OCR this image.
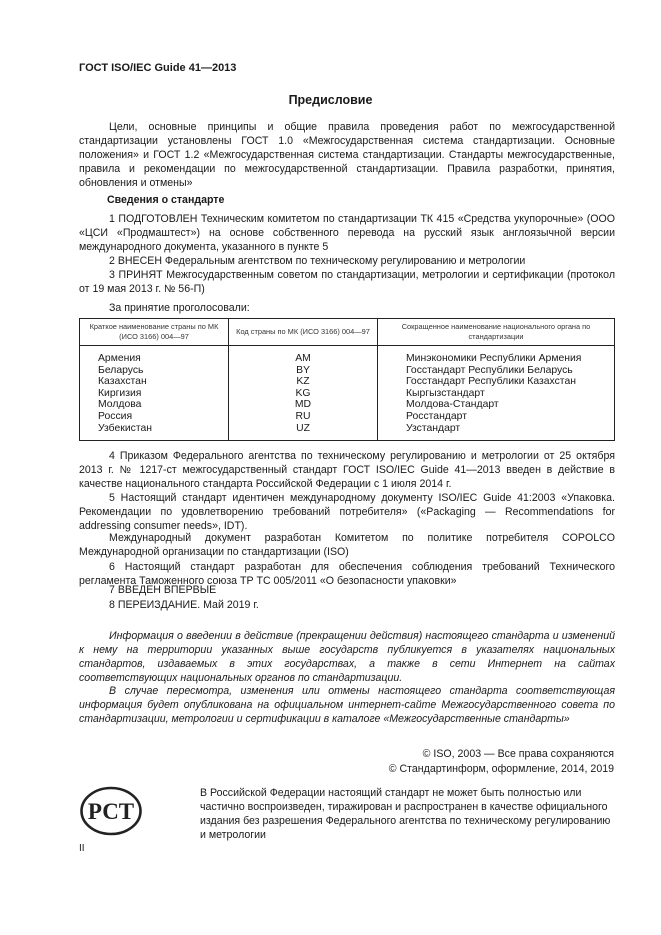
ГОСТ ISO/IEC Guide 41—2013
Предисловие

Цели, основные принципы и общие правила проведения работ по межгосударственной стандартизации установлены ГОСТ 1.0 «Межгосударственная система стандартизации. Основные положения» и ГОСТ 1.2 «Межгосударственная система стандартизации. Стандарты межгосударственные, правила и рекомендации по межгосударственной стандартизации. Правила разработки, принятия, обновления и отмены»

Сведения о стандарте

1 ПОДГОТОВЛЕН Техническим комитетом по стандартизации ТК 415 «Средства укупорочные» (ООО «ЦСИ «Продмаштест») на основе собственного перевода на русский язык англоязычной версии международного документа, указанного в пункте 5

2 ВНЕСЕН Федеральным агентством по техническому регулированию и метрологии

3 ПРИНЯТ Межгосударственным советом по стандартизации, метрологии и сертификации (протокол от 19 мая 2013 г. № 56-П)

За принятие проголосовали:

Краткое наименование страны по МК (ИСО 3166) 004—97	Код страны по МК (ИСО 3166) 004—97	Сокращенное наименование национального органа по стандартизации
Армения	AM	Минэкономики Республики Армения
Беларусь	BY	Госстандарт Республики Беларусь
Казахстан	KZ	Госстандарт Республики Казахстан
Киргизия	KG	Кыргызстандарт
Молдова	MD	Молдова-Стандарт
Россия	RU	Росстандарт
Узбекистан	UZ	Узстандарт

4 Приказом Федерального агентства по техническому регулированию и метрологии от 25 октября 2013 г. № 1217-ст межгосударственный стандарт ГОСТ ISO/IEC Guide 41—2013 введен в действие в качестве национального стандарта Российской Федерации с 1 июля 2014 г.

5 Настоящий стандарт идентичен международному документу ISO/IEC Guide 41:2003 «Упаковка. Рекомендации по удовлетворению требований потребителя» («Packaging — Recommendations for addressing consumer needs», IDT).

Международный документ разработан Комитетом по политике потребителя COPOLCO Международной организации по стандартизации (ISO)

6 Настоящий стандарт разработан для обеспечения соблюдения требований Технического регламента Таможенного союза ТР ТС 005/2011 «О безопасности упаковки»

7 ВВЕДЕН ВПЕРВЫЕ

8 ПЕРЕИЗДАНИЕ. Май 2019 г.

Информация о введении в действие (прекращении действия) настоящего стандарта и изменений к нему на территории указанных выше государств публикуется в указателях национальных стандартов, издаваемых в этих государствах, а также в сети Интернет на сайтах соответствующих национальных органов по стандартизации.

В случае пересмотра, изменения или отмены настоящего стандарта соответствующая информация будет опубликована на официальном интернет-сайте Межгосударственного совета по стандартизации, метрологии и сертификации в каталоге «Межгосударственные стандарты»

© ISO, 2003 — Все права сохраняются
© Стандартинформ, оформление, 2014, 2019
РСТ

В Российской Федерации настоящий стандарт не может быть полностью или частично воспроизведен, тиражирован и распространен в качестве официального издания без разрешения Федерального агентства по техническому регулированию и метрологии

II
